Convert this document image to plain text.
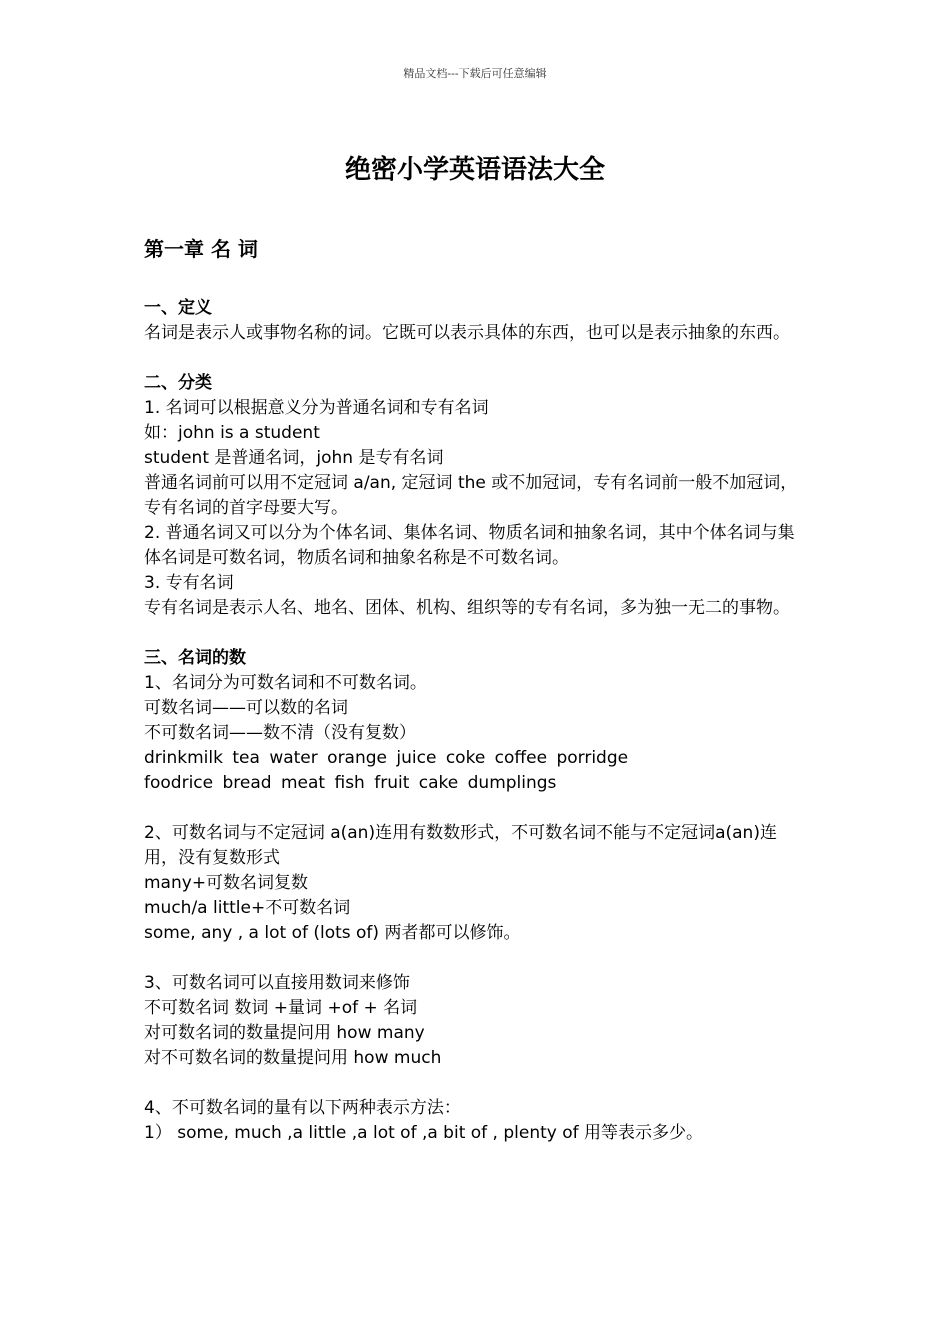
精品文档---下载后可任意编辑
绝密小学英语语法大全
第一章 名 词
一、定义
名词是表示人或事物名称的词。它既可以表示具体的东西，也可以是表示抽象的东西。
二、分类
1. 名词可以根据意义分为普通名词和专有名词
如：john is a student
student 是普通名词，john 是专有名词
普通名词前可以用不定冠词 a/an, 定冠词 the 或不加冠词，专有名词前一般不加冠词，专有名词的首字母要大写。
2. 普通名词又可以分为个体名词、集体名词、物质名词和抽象名词，其中个体名词与集体名词是可数名词，物质名词和抽象名称是不可数名词。
3. 专有名词
专有名词是表示人名、地名、团体、机构、组织等的专有名词，多为独一无二的事物。
三、名词的数
1、名词分为可数名词和不可数名词。
可数名词——可以数的名词
不可数名词——数不清（没有复数）
drinkmilk tea water orange juice coke coffee porridge
foodrice bread meat fish fruit cake dumplings
2、可数名词与不定冠词 a(an)连用有数数形式，不可数名词不能与不定冠词a(an)连用，没有复数形式
many+可数名词复数
much/a little+不可数名词
some, any , a lot of (lots of) 两者都可以修饰。
3、可数名词可以直接用数词来修饰
不可数名词 数词 +量词 +of + 名词
对可数名词的数量提问用 how many
对不可数名词的数量提问用 how much
4、不可数名词的量有以下两种表示方法：
1） some, much ,a little ,a lot of ,a bit of , plenty of 用等表示多少。
